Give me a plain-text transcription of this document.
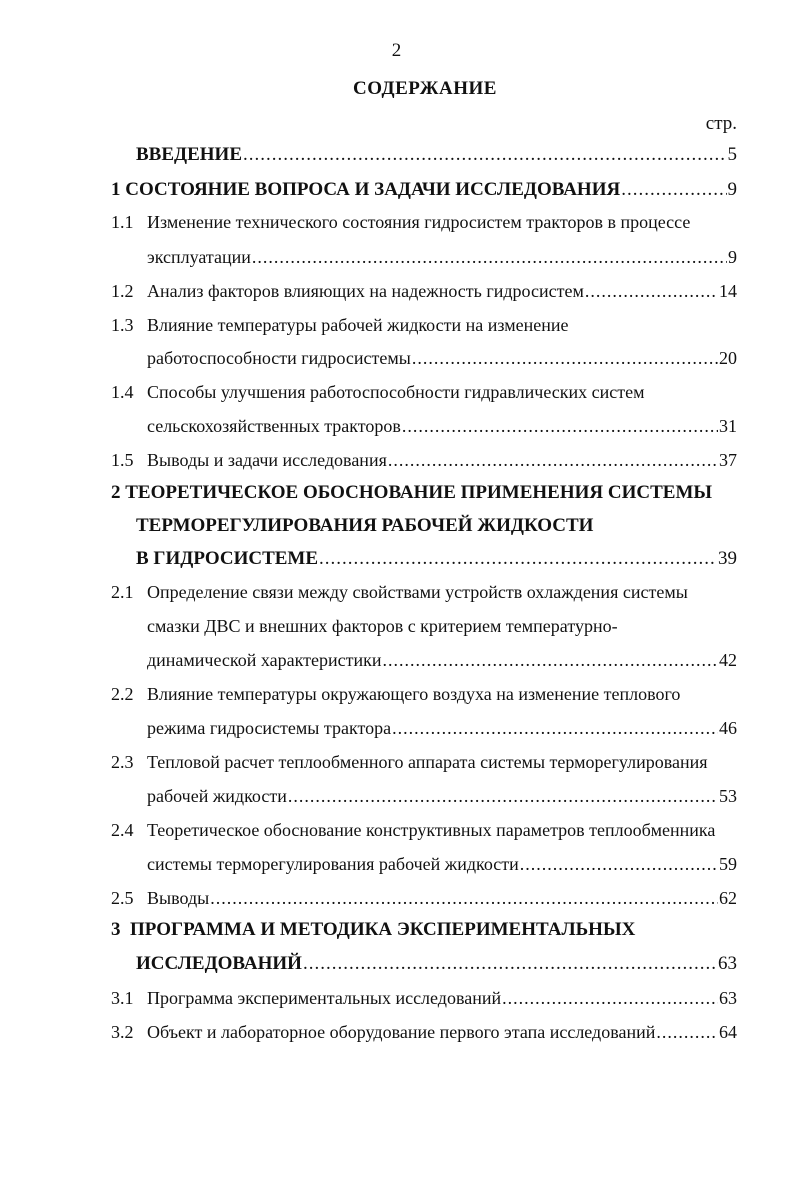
2
СОДЕРЖАНИЕ
стр.
ВВЕДЕНИЕ .....	5
1 СОСТОЯНИЕ ВОПРОСА И ЗАДАЧИ ИССЛЕДОВАНИЯ .....	9
1.1 Изменение технического состояния гидросистем тракторов в процессе
эксплуатации .....	9
1.2 Анализ факторов влияющих на надежность гидросистем .....	14
1.3 Влияние температуры рабочей жидкости на изменение
работоспособности гидросистемы .....	20
1.4 Способы улучшения работоспособности гидравлических систем
сельскохозяйственных тракторов .....	31
1.5 Выводы и задачи исследования .....	37
2 ТЕОРЕТИЧЕСКОЕ ОБОСНОВАНИЕ ПРИМЕНЕНИЯ СИСТЕМЫ
ТЕРМОРЕГУЛИРОВАНИЯ РАБОЧЕЙ ЖИДКОСТИ
В ГИДРОСИСТЕМЕ .....	39
2.1 Определение связи между свойствами устройств охлаждения системы
смазки ДВС и внешних факторов с критерием температурно-
динамической характеристики .....	42
2.2 Влияние температуры окружающего воздуха на изменение теплового
режима гидросистемы трактора .....	46
2.3 Тепловой расчет теплообменного аппарата системы терморегулирования
рабочей жидкости .....	53
2.4 Теоретическое обоснование конструктивных параметров теплообменника
системы терморегулирования рабочей жидкости .....	59
2.5 Выводы .....	62
3 ПРОГРАММА И МЕТОДИКА ЭКСПЕРИМЕНТАЛЬНЫХ
ИССЛЕДОВАНИЙ .....	63
3.1 Программа экспериментальных исследований .....	63
3.2 Объект и лабораторное оборудование первого этапа исследований .....	64
